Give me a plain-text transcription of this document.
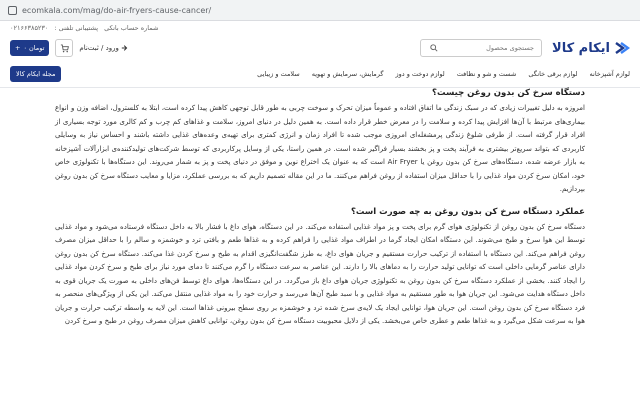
ecomkala.com/mag/do-air-fryers-cause-cancer/
شماره حساب بانکی
پشتیبانی تلفنی :
۰۲۱۶۶۳۸۵۲۳۰
ایکام کالا
جستجوی محصول
+ ۰ تومان	ورود / ثبت‌نام
لوازم آشپزخانه
لوازم برقی خانگی
شست و شو و نظافت
لوازم دوخت و دوز
گرمایش، سرمایش و تهویه
سلامت و زیبایی
مجله ایکام کالا
دستگاه سرخ کن بدون روغن چیست؟

امروزه به دلیل تغییرات زیادی که در سبک زندگی ما اتفاق افتاده و عموماً میزان تحرک و سوخت چربی به طور قابل توجهی کاهش پیدا کرده است، ابتلا به کلسترول، اضافه وزن و انواع بیماری‌های مرتبط با آن‌ها افزایش پیدا کرده و سلامت را در معرض خطر قرار داده است. به همین دلیل در دنیای امروز، سلامت و غذاهای کم چرب و کم کالری مورد توجه بسیاری از افراد قرار گرفته است. از طرفی شلوغ زندگی پرمشغله‌ای امروزی موجب شده تا افراد زمان و انرژی کمتری برای تهیه‌ی وعده‌های غذایی داشته باشند و احساس نیاز به وسایلی کاربردی که بتواند سریع‌تر بیشتری به فرآیند پخت و پز بخشند بسیار فراگیر شده است. در همین راستا، یکی از وسایل پرکاربردی که توسط شرکت‌های تولیدکننده‌ی ابزارآلات آشپزخانه به بازار عرضه شده، دستگاه‌های سرخ کن بدون روغن یا Air Fryer است که به عنوان یک اختراع نوین و موفق در دنیای پخت و پز به شمار می‌روند. این دستگاه‌ها با تکنولوژی خاص خود، امکان سرخ کردن مواد غذایی را با حداقل میزان استفاده از روغن فراهم می‌کنند. ما در این مقاله تصمیم داریم که به بررسی عملکرد، مزایا و معایب دستگاه سرخ کن بدون روغن بپردازیم.

عملکرد دستگاه سرخ کن بدون روغن به چه صورت است؟

دستگاه سرخ کن بدون روغن از تکنولوژی هوای گرم برای پخت و پز مواد غذایی استفاده می‌کند. در این دستگاه، هوای داغ با فشار بالا به داخل دستگاه فرستاده می‌شود و مواد غذایی توسط این هوا سرخ و طبخ می‌شوند. این دستگاه امکان ایجاد گرما در اطراف مواد غذایی را فراهم کرده و به غذاها طعم و بافتی ترد و خوشمزه و سالم را با حداقل میزان مصرف روغن فراهم می‌کند. این دستگاه با استفاده از ترکیب حرارت مستقیم و جریان هوای داغ، به طرز شگفت‌انگیزی اقدام به طبخ و سرخ کردن غذا می‌کند. دستگاه سرخ کن بدون روغن دارای عناصر گرمایی داخلی است که توانایی تولید حرارت را به دماهای بالا را دارند. این عناصر به سرعت دستگاه را گرم می‌کنند تا دمای مورد نیاز برای طبخ و سرخ کردن مواد غذایی را ایجاد کنند. بخشی از عملکرد دستگاه سرخ کن بدون روغن به تکنولوژی جریان هوای داغ باز می‌گردد. در این دستگاه‌ها، هوای داغ توسط فن‌های داخلی به صورت یک جریان قوی به داخل دستگاه هدایت می‌شود. این جریان هوا به طور مستقیم به مواد غذایی و با سبد طبخ آن‌ها می‌رسد و حرارت خود را به مواد غذایی منتقل می‌کند. این یکی از ویژگی‌های منحصر به فرد دستگاه سرخ کن بدون روغن است. این جریان هوا، توانایی ایجاد یک لایه‌ی سرخ شده ترد و خوشمزه بر روی سطح بیرونی غذاها است. این لایه به واسطه ترکیب حرارت و جریان هوا به سرعت شکل می‌گیرد و به غذاها طعم و عطری خاص می‌بخشد. یکی از دلایل محبوبیت دستگاه سرخ کن بدون روغن، توانایی کاهش میزان مصرف روغن در طبخ و سرخ کردن
